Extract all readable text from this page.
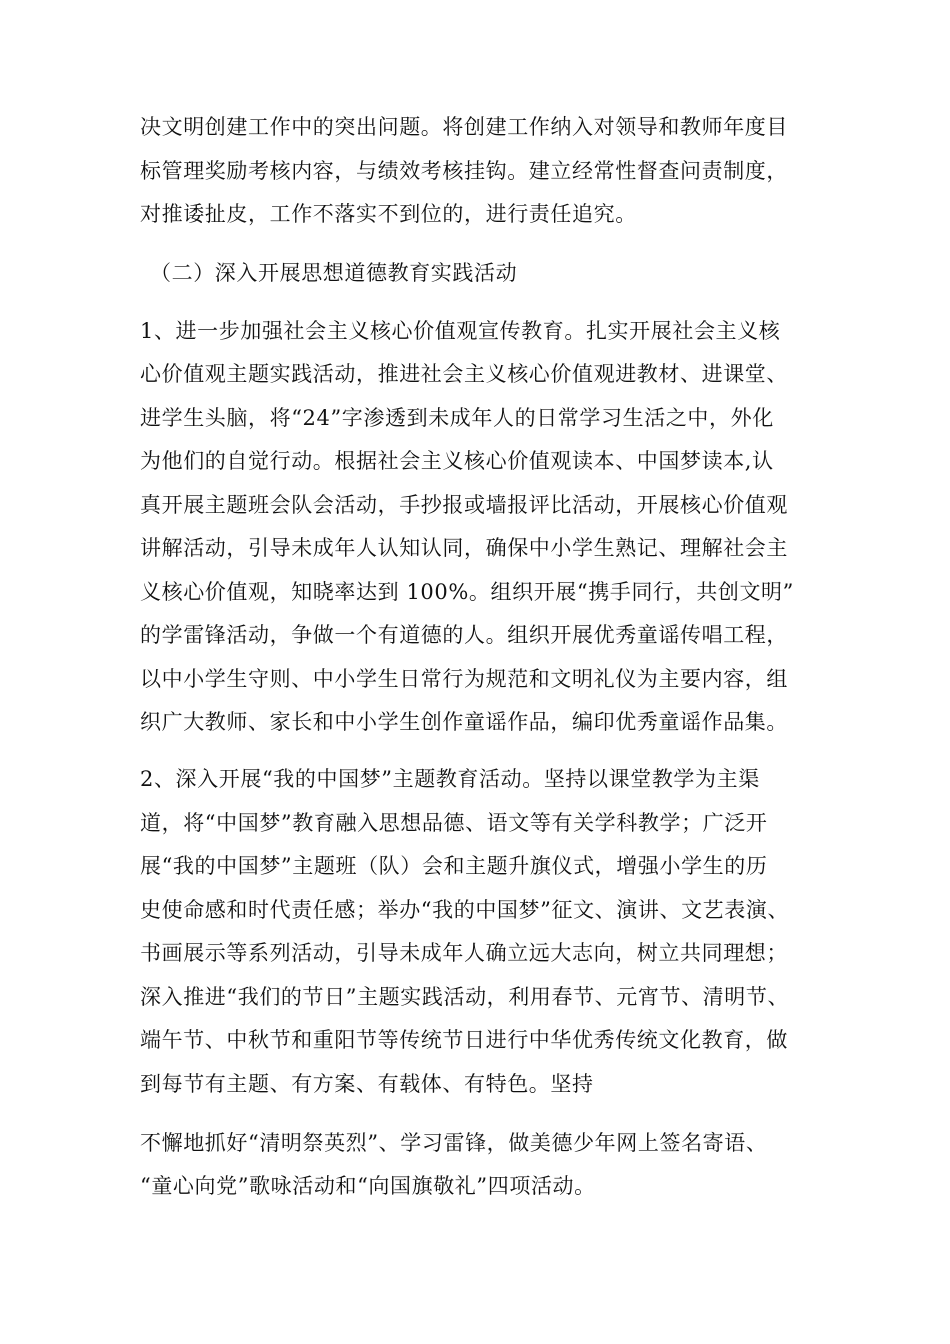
决文明创建工作中的突出问题。将创建工作纳入对领导和教师年度目
标管理奖励考核内容，与绩效考核挂钩。建立经常性督查问责制度，
对推诿扯皮，工作不落实不到位的，进行责任追究。
（二）深入开展思想道德教育实践活动
1、进一步加强社会主义核心价值观宣传教育。扎实开展社会主义核
心价值观主题实践活动，推进社会主义核心价值观进教材、进课堂、
进学生头脑，将“24”字渗透到未成年人的日常学习生活之中，外化
为他们的自觉行动。根据社会主义核心价值观读本、中国梦读本,认
真开展主题班会队会活动，手抄报或墙报评比活动，开展核心价值观
讲解活动，引导未成年人认知认同，确保中小学生熟记、理解社会主
义核心价值观，知晓率达到 100%。组织开展“携手同行，共创文明”
的学雷锋活动，争做一个有道德的人。组织开展优秀童谣传唱工程，
以中小学生守则、中小学生日常行为规范和文明礼仪为主要内容，组
织广大教师、家长和中小学生创作童谣作品，编印优秀童谣作品集。
2、深入开展“我的中国梦”主题教育活动。坚持以课堂教学为主渠
道，将“中国梦”教育融入思想品德、语文等有关学科教学；广泛开
展“我的中国梦”主题班（队）会和主题升旗仪式，增强小学生的历
史使命感和时代责任感；举办“我的中国梦”征文、演讲、文艺表演、
书画展示等系列活动，引导未成年人确立远大志向，树立共同理想；
深入推进“我们的节日”主题实践活动，利用春节、元宵节、清明节、
端午节、中秋节和重阳节等传统节日进行中华优秀传统文化教育，做
到每节有主题、有方案、有载体、有特色。坚持
不懈地抓好“清明祭英烈”、学习雷锋，做美德少年网上签名寄语、
“童心向党”歌咏活动和“向国旗敬礼”四项活动。
